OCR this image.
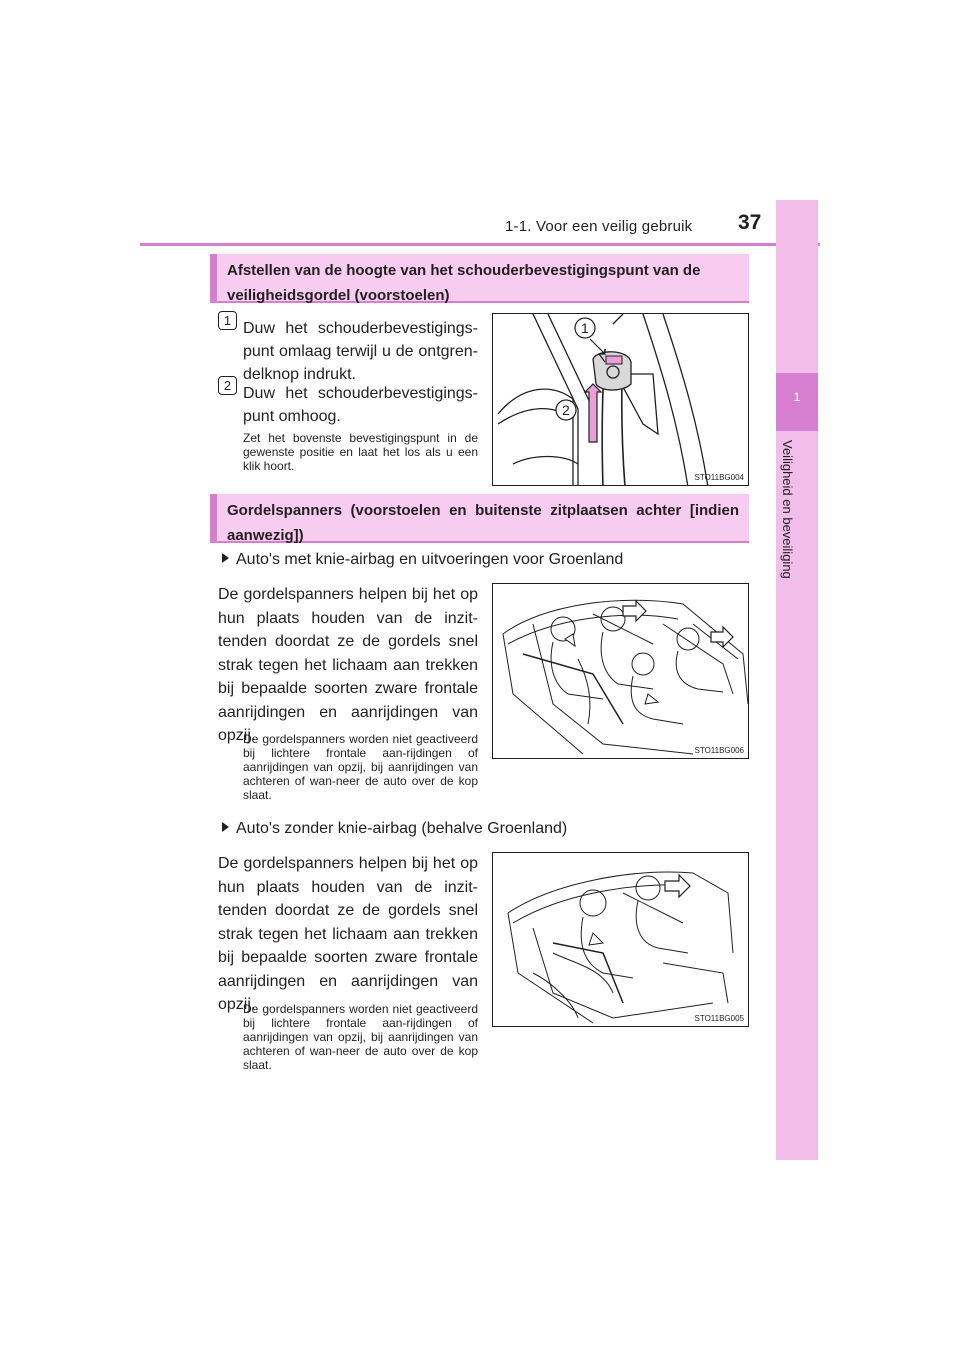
1-1. Voor een veilig gebruik 37
1
Veiligheid en beveiliging
Afstellen van de hoogte van het schouderbevestigingspunt van de veiligheidsgordel (voorstoelen)
1 Duw het schouderbevestigings-punt omlaag terwijl u de ontgren-delknop indrukt.
2 Duw het schouderbevestigings-punt omhoog.
Zet het bovenste bevestigingspunt in de gewenste positie en laat het los als u een klik hoort.
1
2
STO11BG004
Gordelspanners (voorstoelen en buitenste zitplaatsen achter [indien aanwezig])
Auto's met knie-airbag en uitvoeringen voor Groenland
De gordelspanners helpen bij het op hun plaats houden van de inzit-tenden doordat ze de gordels snel strak tegen het lichaam aan trekken bij bepaalde soorten zware frontale aanrijdingen en aanrijdingen van opzij.
De gordelspanners worden niet geactiveerd bij lichtere frontale aan-rijdingen of aanrijdingen van opzij, bij aanrijdingen van achteren of wan-neer de auto over de kop slaat.
STO11BG006
Auto's zonder knie-airbag (behalve Groenland)
De gordelspanners helpen bij het op hun plaats houden van de inzit-tenden doordat ze de gordels snel strak tegen het lichaam aan trekken bij bepaalde soorten zware frontale aanrijdingen en aanrijdingen van opzij.
De gordelspanners worden niet geactiveerd bij lichtere frontale aan-rijdingen of aanrijdingen van opzij, bij aanrijdingen van achteren of wan-neer de auto over de kop slaat.
STO11BG005
